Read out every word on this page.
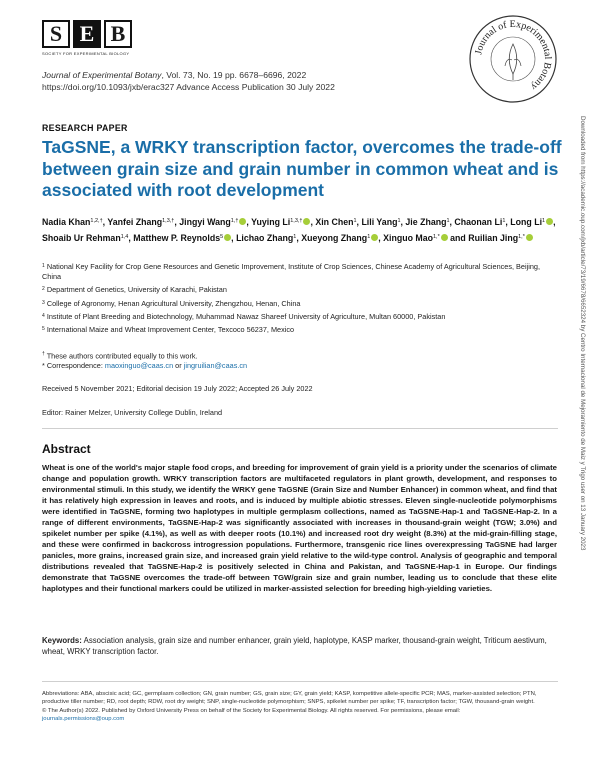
S E B
SOCIETY FOR EXPERIMENTAL BIOLOGY	Journal of Experimental Botany
Journal of Experimental Botany, Vol. 73, No. 19 pp. 6678–6696, 2022
https://doi.org/10.1093/jxb/erac327 Advance Access Publication 30 July 2022
RESEARCH PAPER
TaGSNE, a WRKY transcription factor, overcomes the trade-off between grain size and grain number in common wheat and is associated with root development
Nadia Khan$^{1,2,\dagger}$, Yanfei Zhang$^{1,3,\dagger}$, Jingyi Wang$^{1,\dagger}$ , Yuying $Li^{1,3,\dagger}$ , Xin Chen$^1$, Lili Yang$^1$, Jie Zhang$^1$, Chaonan Li$^1$, Long Li$^1$ , Shoaib Ur Rehman$^{1,4}$, Matthew P. Reynolds$^5$ , Lichao Zhang$^1$, Xueyong Zhang$^1$ , Xinguo Mao$^{1,*}$ and Ruilian Jing$^{1,*}$
$^1$ National Key Facility for Crop Gene Resources and Genetic Improvement, Institute of Crop Sciences, Chinese Academy of Agricultural Sciences, Beijing, China
$^2$ Department of Genetics, University of Karachi, Pakistan
$^3$ College of Agronomy, Henan Agricultural University, Zhengzhou, Henan, China
$^4$ Institute of Plant Breeding and Biotechnology, Muhammad Nawaz Shareef University of Agriculture, Multan 60000, Pakistan
$^5$ International Maize and Wheat Improvement Center, Texcoco 56237, Mexico
† These authors contributed equally to this work.
* Correspondence: maoxinguo@caas.cn or jingruilian@caas.cn
Received 5 November 2021; Editorial decision 19 July 2022; Accepted 26 July 2022
Editor: Rainer Melzer, University College Dublin, Ireland
Abstract

Wheat is one of the world's major staple food crops, and breeding for improvement of grain yield is a priority under the scenarios of climate change and population growth. WRKY transcription factors are multifaceted regulators in plant growth, development, and responses to environmental stimuli. In this study, we identify the WRKY gene TaGSNE (Grain Size and Number Enhancer) in common wheat, and find that it has relatively high expression in leaves and roots, and is induced by multiple abiotic stresses. Eleven single-nucleotide polymorphisms were identified in TaGSNE, forming two haplotypes in multiple germplasm collections, named as TaGSNE-Hap-1 and TaGSNE-Hap-2. In a range of different environments, TaGSNE-Hap-2 was significantly associated with increases in thousand-grain weight (TGW; 3.0%) and spikelet number per spike (4.1%), as well as with deeper roots (10.1%) and increased root dry weight (8.3%) at the mid-grain-filling stage, and these were confirmed in backcross introgression populations. Furthermore, transgenic rice lines overexpressing TaGSNE had larger panicles, more grains, increased grain size, and increased grain yield relative to the wild-type control. Analysis of geographic and temporal distributions revealed that TaGSNE-Hap-2 is positively selected in China and Pakistan, and TaGSNE-Hap-1 in Europe. Our findings demonstrate that TaGSNE overcomes the trade-off between TGW/grain size and grain number, leading us to conclude that these elite haplotypes and their functional markers could be utilized in marker-assisted selection for breeding high-yielding varieties.

Keywords: Association analysis, grain size and number enhancer, grain yield, haplotype, KASP marker, thousand-grain weight, Triticum aestivum, wheat, WRKY transcription factor.
Abbreviations: ABA, abscisic acid; GC, germplasm collection; GN, grain number; GS, grain size; GY, grain yield; KASP, kompetitive allele-specific PCR; MAS, marker-assisted selection; PTN, productive tiller number; RD, root depth; RDW, root dry weight; SNP, single-nucleotide polymorphism; SNPS, spikelet number per spike; TF, transcription factor; TGW, thousand-grain weight.
© The Author(s) 2022. Published by Oxford University Press on behalf of the Society for Experimental Biology. All rights reserved. For permissions, please email:
journals.permissions@oup.com
Downloaded from https://academic.oup.com/jxb/article/73/19/6678/6652324 by Centro Internacional de Mejoramiento de Maiz y Trigo user on 13 January 2023
